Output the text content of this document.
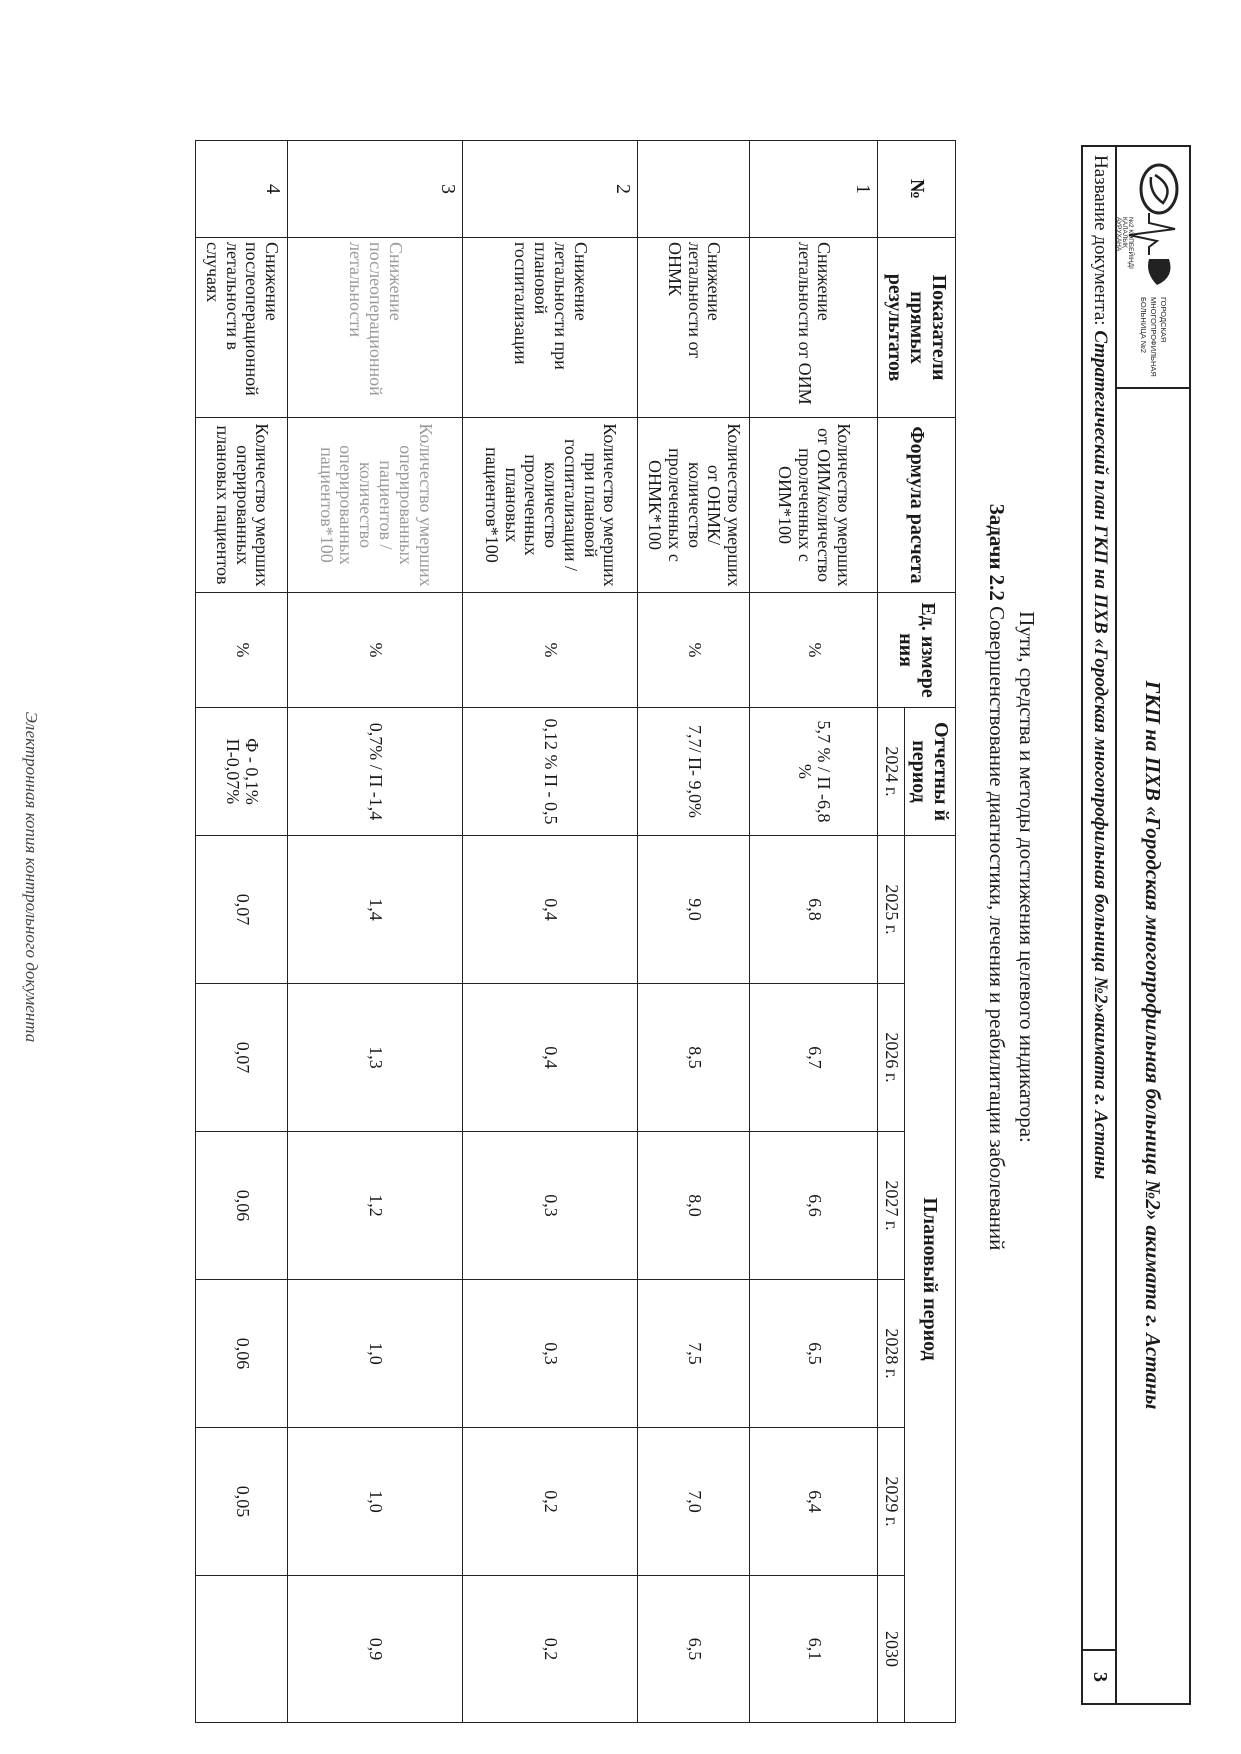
№2 КӨПБЕЙІНДІ
ҚАЛАЛЫҚ
АУРУХАНА
ГОРОДСКАЯ
МНОГОПРОФИЛЬНАЯ
БОЛЬНИЦА №2
ГКП на ПХВ «Городская многопрофильная больница №2» акимата г. Астаны
Название документа: Стратегический план ГКП на ПХВ «Городская многопрофильная больница №2»акимата г. Астаны
3
Пути, средства и методы достижения целевого индикатора:
Задачи 2.2 Совершенствование диагностики, лечения и реабилитации заболеваний
№	Показатели прямых результатов	Формула расчета	Ед. измере ния	Отчетны й период	Плановый период					
				2024 г.	2025 г.	2026 г.	2027 г.	2028 г.	2029 г.	2030
1	Снижение летальности от ОИМ	Количество умерших от ОИМ/количество пролеченных с ОИМ*100	%	5,7 % / П -6,8 %	6,8	6,7	6,6	6,5	6,4	6,1
	Снижение летальности от ОНМК	Количество умерших от ОНМК/количество пролеченных с ОНМК*100	%	7,7/ П- 9,0%	9,0	8,5	8,0	7,5	7,0	6,5
2	Снижение летальности при плановой госпитализации	Количество умерших при плановой госпитализации /количество пролеченных плановых пациентов*100	%	0,12 % П - 0,5	0,4	0,4	0,3	0,3	0,2	0,2
3	Снижение послеоперационной летальности	Количество умерших оперированных пациентов /количество оперированных пациентов*100	%	0,7% / П -1,4	1,4	1,3	1,2	1,0	1,0	0,9
4	Снижение послеоперационной летальности в случаях	Количество умерших оперированных плановых пациентов	%	Ф - 0,1% П-0,07%	0,07	0,07	0,06	0,06	0,05	
Электронная копия контрольного документа
